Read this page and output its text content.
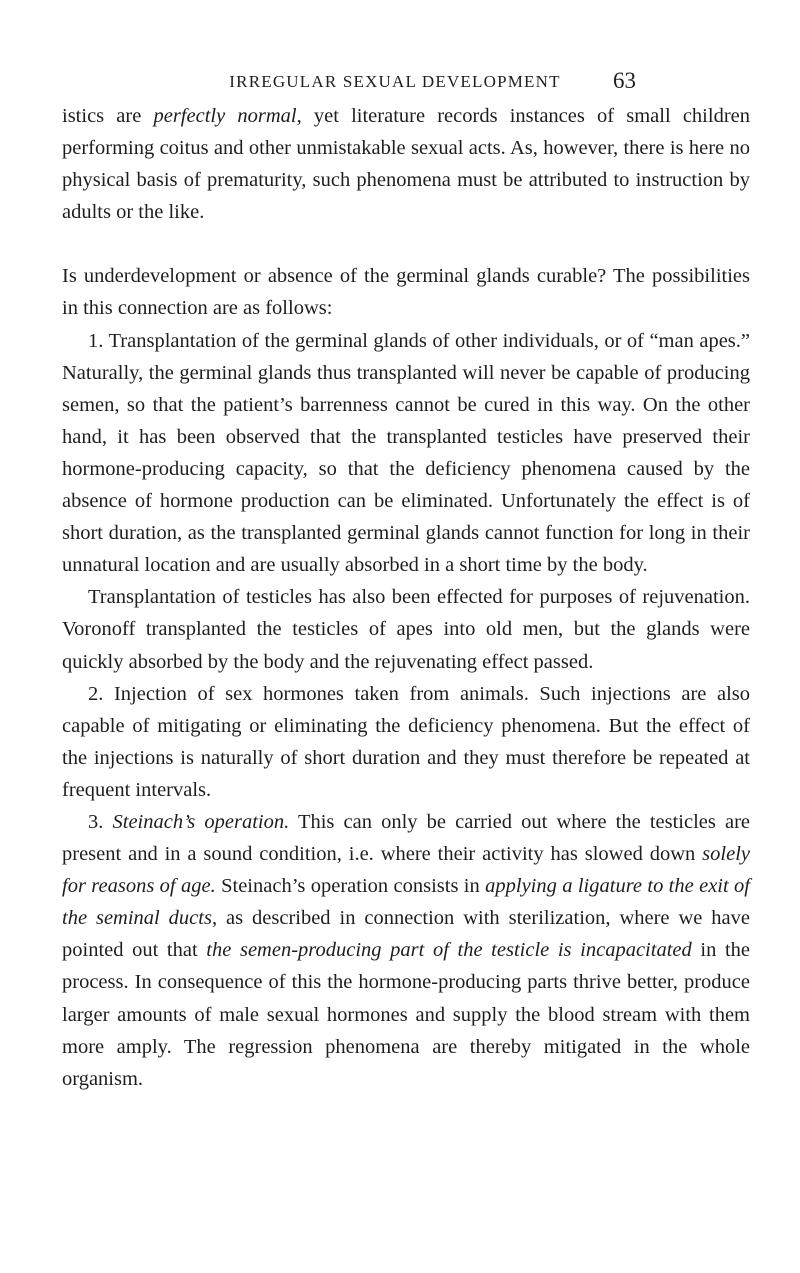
IRREGULAR SEXUAL DEVELOPMENT	63

istics are perfectly normal, yet literature records instances of small children performing coitus and other unmistakable sexual acts. As, however, there is here no physical basis of prematurity, such phenomena must be attributed to instruction by adults or the like.

Is underdevelopment or absence of the germinal glands curable? The possibilities in this connection are as follows:

1. Transplantation of the germinal glands of other individuals, or of “man apes.” Naturally, the germinal glands thus transplanted will never be capable of producing semen, so that the patient’s barrenness cannot be cured in this way. On the other hand, it has been observed that the transplanted testicles have preserved their hormone-producing capacity, so that the deficiency phenomena caused by the absence of hormone production can be eliminated. Unfortunately the effect is of short duration, as the transplanted germinal glands cannot function for long in their unnatural location and are usually absorbed in a short time by the body.

Transplantation of testicles has also been effected for purposes of rejuvenation. Voronoff transplanted the testicles of apes into old men, but the glands were quickly absorbed by the body and the rejuvenating effect passed.

2. Injection of sex hormones taken from animals. Such injections are also capable of mitigating or eliminating the deficiency phenomena. But the effect of the injections is naturally of short duration and they must therefore be repeated at frequent intervals.

3. Steinach’s operation. This can only be carried out where the testicles are present and in a sound condition, i.e. where their activity has slowed down solely for reasons of age. Steinach’s operation consists in applying a ligature to the exit of the seminal ducts, as described in connection with sterilization, where we have pointed out that the semen-producing part of the testicle is incapacitated in the process. In consequence of this the hormone-producing parts thrive better, produce larger amounts of male sexual hormones and supply the blood stream with them more amply. The regression phenomena are thereby mitigated in the whole organism.
